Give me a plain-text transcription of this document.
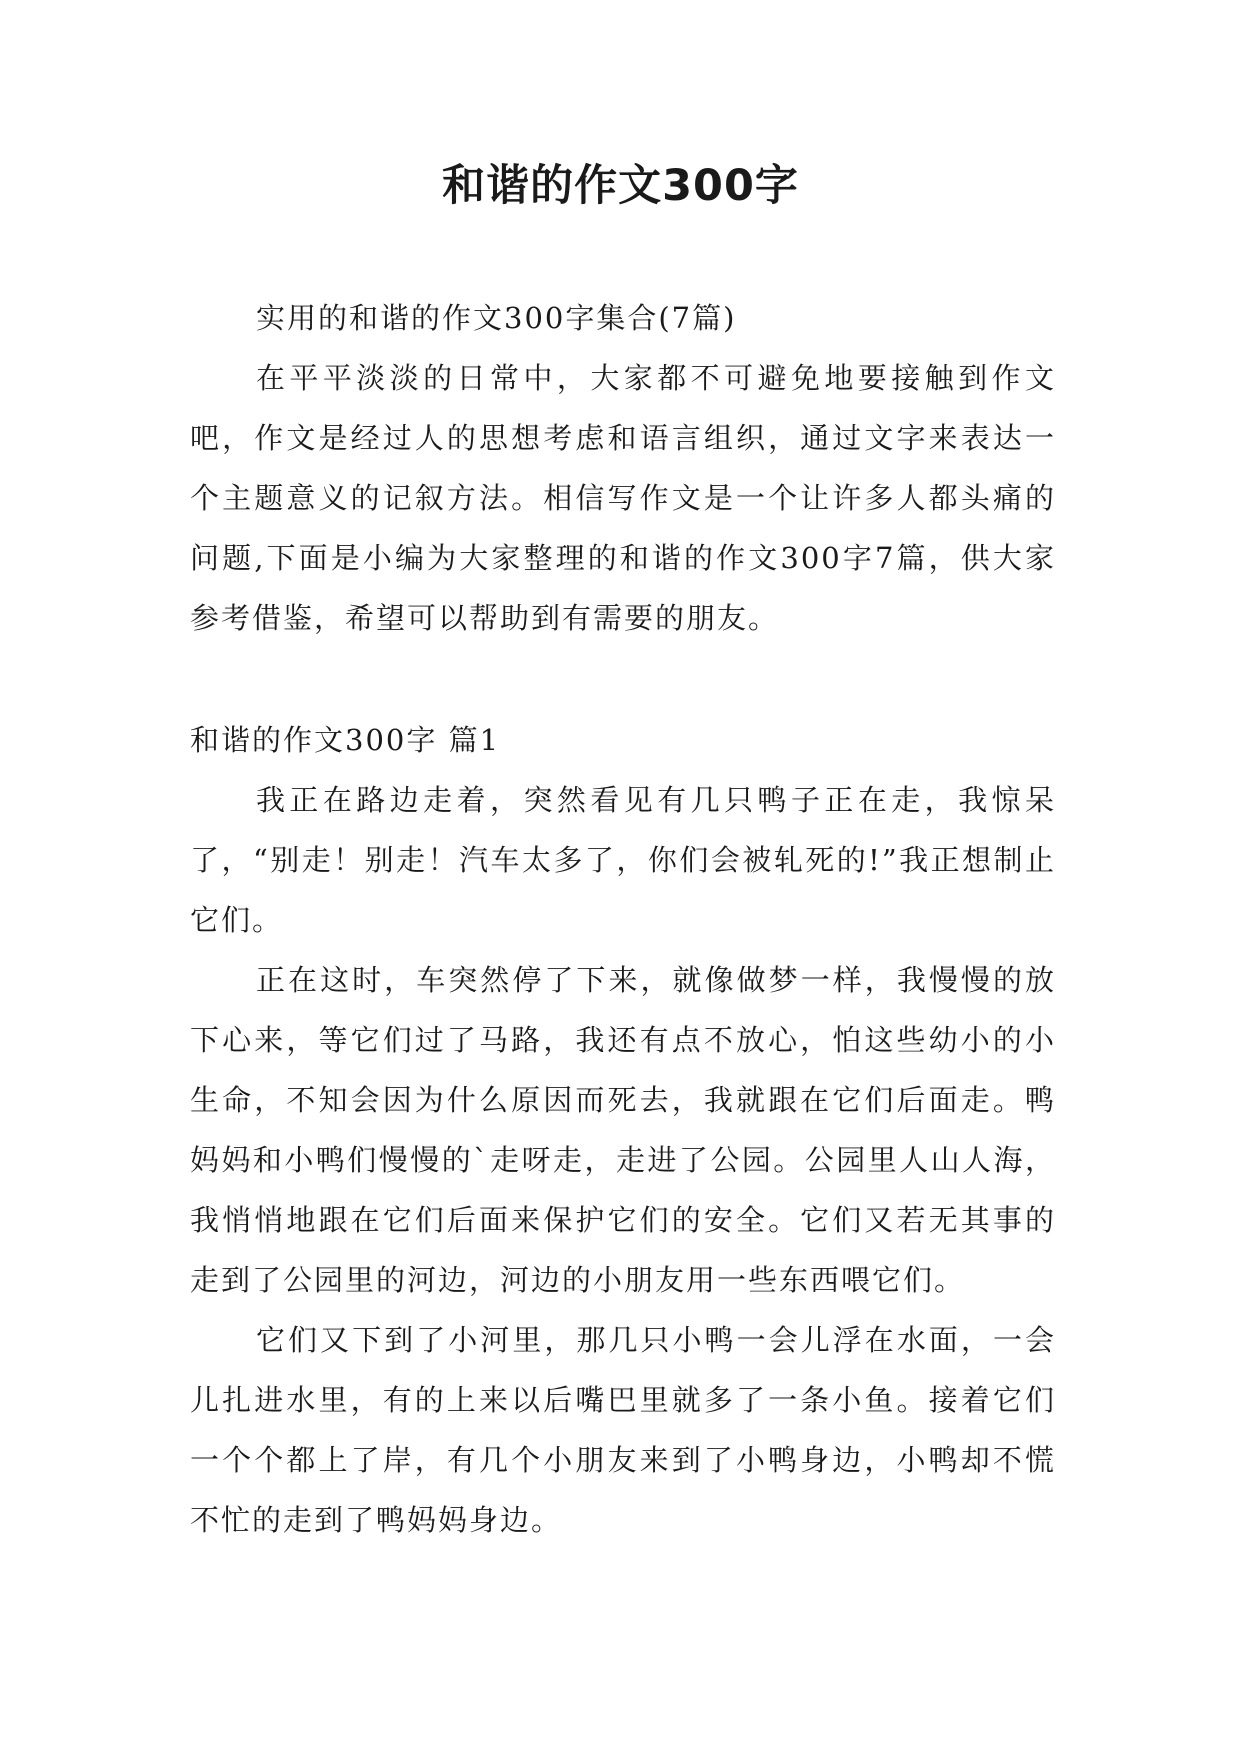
和谐的作文300字

实用的和谐的作文300字集合(7篇)

在平平淡淡的日常中，大家都不可避免地要接触到作文吧，作文是经过人的思想考虑和语言组织，通过文字来表达一个主题意义的记叙方法。相信写作文是一个让许多人都头痛的问题,下面是小编为大家整理的和谐的作文300字7篇，供大家参考借鉴，希望可以帮助到有需要的朋友。

和谐的作文300字 篇1

我正在路边走着，突然看见有几只鸭子正在走，我惊呆了，“别走！别走！汽车太多了，你们会被轧死的!”我正想制止它们。

正在这时，车突然停了下来，就像做梦一样，我慢慢的放下心来，等它们过了马路，我还有点不放心，怕这些幼小的小生命，不知会因为什么原因而死去，我就跟在它们后面走。鸭妈妈和小鸭们慢慢的`走呀走，走进了公园。公园里人山人海，我悄悄地跟在它们后面来保护它们的安全。它们又若无其事的走到了公园里的河边，河边的小朋友用一些东西喂它们。

它们又下到了小河里，那几只小鸭一会儿浮在水面，一会儿扎进水里，有的上来以后嘴巴里就多了一条小鱼。接着它们一个个都上了岸，有几个小朋友来到了小鸭身边，小鸭却不慌不忙的走到了鸭妈妈身边。
